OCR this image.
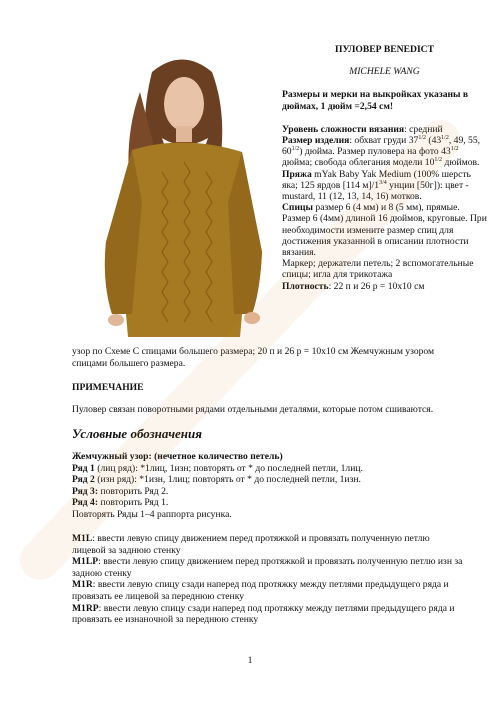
ПУЛОВЕР BENEDICT

MICHELE WANG

Размеры и мерки на выкройках указаны в дюймах, 1 дюйм =2,54 см!

Уровень сложности вязания: средний

Размер изделия: обхват груди $37^{1/2}$ ($43^{1/2}$, 49, 55, $60^{1/2}$) дюйма. Размер пуловера на фото $43^{1/2}$ дюйма; свобода облегания модели $10^{1/2}$ дюймов.

Пряжа mYak Baby Yak Medium (100% шерсть яка; 125 ярдов [114 $м]/1^{3/4}$ унции [50г]): цвет - mustard, 11 (12, 13, 14, 16) мотков.

Спицы размер 6 (4 мм) и 8 (5 мм), прямые. Размер 6 (4мм) длиной 16 дюймов, круговые. При необходимости измените размер спиц для достижения указанной в описании плотности вязания.

Маркер; держатели петель; 2 вспомогательные спицы; игла для трикотажа

Плотность: 22 п и 26 р = 10х10 см

узор по Схеме С спицами большего размера; 20 п и 26 р = 10х10 см Жемчужным узором спицами большего размера.
ПРИМЕЧАНИЕ
Пуловер связан поворотными рядами отдельными деталями, которые потом сшиваются.
Условные обозначения
Жемчужный узор: (нечетное количество петель)
Ряд 1 (лиц ряд): *1лиц, 1изн; повторять от * до последней петли, 1лиц.
Ряд 2 (изн ряд): *1изн, 1лиц; повторять от * до последней петли, 1изн.
Ряд 3: повторить Ряд 2.
Ряд 4: повторить Ряд 1.
Повторять Ряды 1–4 раппорта рисунка.
M1L: ввести левую спицу движением перед протяжкой и провязать полученную петлю лицевой за заднюю стенку
M1LP: ввести левую спицу движением перед протяжкой и провязать полученную петлю изн за задною стенку
M1R: ввести левую спицу сзади наперед под протяжку между петлями предыдущего ряда и провязать ее лицевой за переднюю стенку
M1RP: ввести левую спицу сзади наперед под протяжку между петлями предыдущего ряда и провязать ее изнаночной за переднюю стенку
1
